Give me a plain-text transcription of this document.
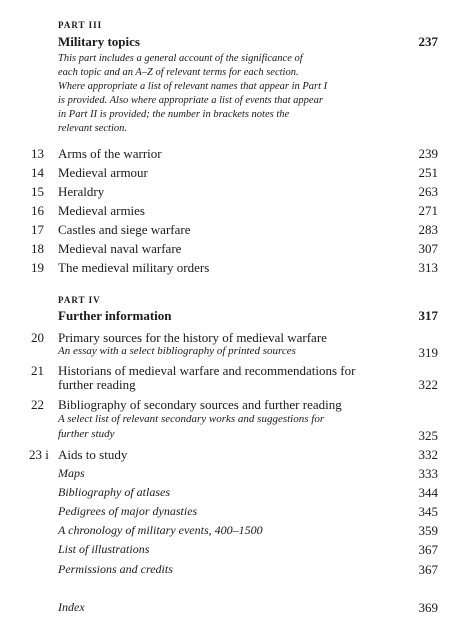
PART III
Military topics	237
This part includes a general account of the significance of
each topic and an A–Z of relevant terms for each section.
Where appropriate a list of relevant names that appear in Part I
is provided. Also where appropriate a list of events that appear
in Part II is provided; the number in brackets notes the
relevant section.
13 Arms of the warrior	239
14 Medieval armour	251
15 Heraldry	263
16 Medieval armies	271
17 Castles and siege warfare	283
18 Medieval naval warfare	307
19 The medieval military orders	313
PART IV
Further information	317
20 Primary sources for the history of medieval warfare
An essay with a select bibliography of printed sources	319
21 Historians of medieval warfare and recommendations for
further reading	322
22 Bibliography of secondary sources and further reading
A select list of relevant secondary works and suggestions for
further study	325
23 i Aids to study	332
Maps	333
Bibliography of atlases	344
Pedigrees of major dynasties	345
A chronology of military events, 400–1500	359
List of illustrations	367
Permissions and credits	367
Index	369
